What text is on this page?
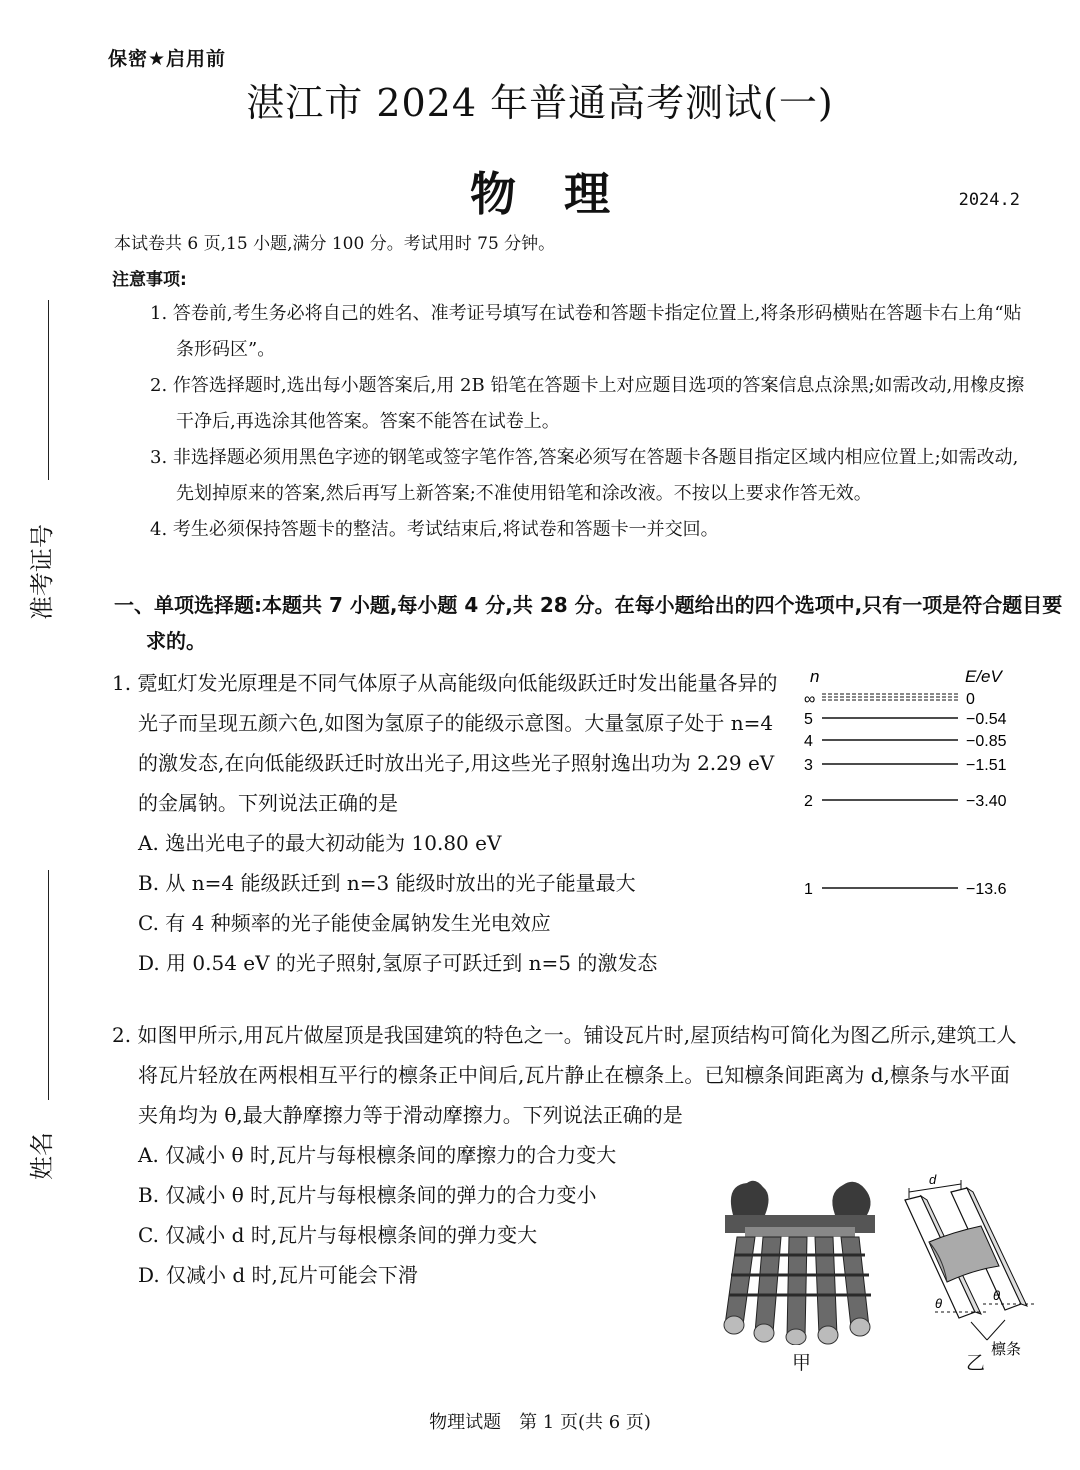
准考证号
姓名
保密★启用前
湛江市 2024 年普通高考测试(一)
物理	2024.2
本试卷共 6 页,15 小题,满分 100 分。考试用时 75 分钟。
注意事项:
1. 答卷前,考生务必将自己的姓名、准考证号填写在试卷和答题卡指定位置上,将条形码横贴在答题卡右上角“贴条形码区”。
2. 作答选择题时,选出每小题答案后,用 2B 铅笔在答题卡上对应题目选项的答案信息点涂黑;如需改动,用橡皮擦干净后,再选涂其他答案。答案不能答在试卷上。
3. 非选择题必须用黑色字迹的钢笔或签字笔作答,答案必须写在答题卡各题目指定区域内相应位置上;如需改动,先划掉原来的答案,然后再写上新答案;不准使用铅笔和涂改液。不按以上要求作答无效。
4. 考生必须保持答题卡的整洁。考试结束后,将试卷和答题卡一并交回。
一、单项选择题:本题共 7 小题,每小题 4 分,共 28 分。在每小题给出的四个选项中,只有一项是符合题目要求的。
1. 霓虹灯发光原理是不同气体原子从高能级向低能级跃迁时发出能量各异的光子而呈现五颜六色,如图为氢原子的能级示意图。大量氢原子处于 n=4 的激发态,在向低能级跃迁时放出光子,用这些光子照射逸出功为 2.29 eV 的金属钠。下列说法正确的是
A. 逸出光电子的最大初动能为 10.80 eV
B. 从 n=4 能级跃迁到 n=3 能级时放出的光子能量最大
C. 有 4 种频率的光子能使金属钠发生光电效应
D. 用 0.54 eV 的光子照射,氢原子可跃迁到 n=5 的激发态
n	E/eV
∞	0
5	−0.54
4	−0.85
3	−1.51
2	−3.40
1	−13.6
2. 如图甲所示,用瓦片做屋顶是我国建筑的特色之一。铺设瓦片时,屋顶结构可简化为图乙所示,建筑工人将瓦片轻放在两根相互平行的檩条正中间后,瓦片静止在檩条上。已知檩条间距离为 d,檩条与水平面夹角均为 θ,最大静摩擦力等于滑动摩擦力。下列说法正确的是
A. 仅减小 θ 时,瓦片与每根檩条间的摩擦力的合力变大
B. 仅减小 θ 时,瓦片与每根檩条间的弹力的合力变小
C. 仅减小 d 时,瓦片与每根檩条间的弹力变大
D. 仅减小 d 时,瓦片可能会下滑
甲
d
θ
θ
檩条
乙
物理试题　第 1 页(共 6 页)
